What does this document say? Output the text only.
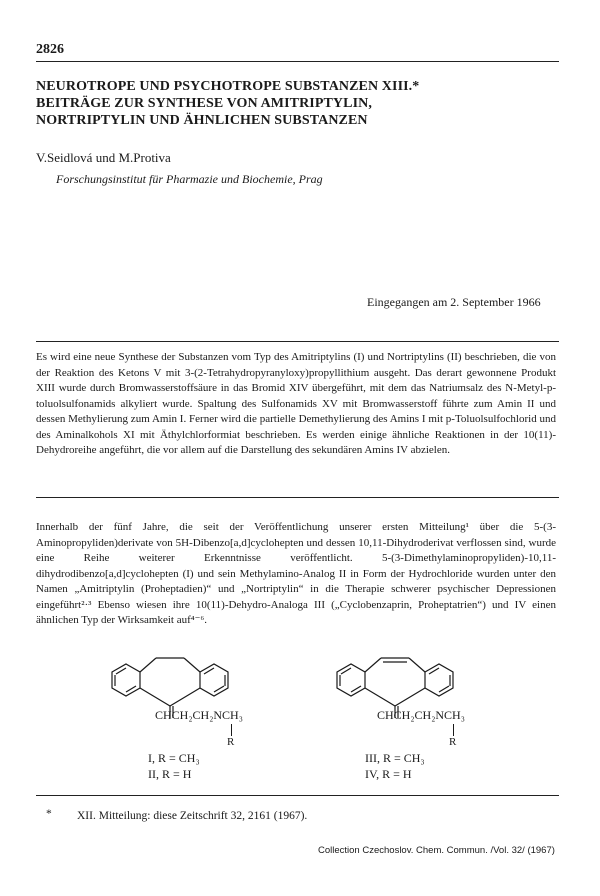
2826
NEUROTROPE UND PSYCHOTROPE SUBSTANZEN XIII.*
BEITRÄGE ZUR SYNTHESE VON AMITRIPTYLIN,
NORTRIPTYLIN UND ÄHNLICHEN SUBSTANZEN
V.Seidlová und M.Protiva
Forschungsinstitut für Pharmazie und Biochemie, Prag
Eingegangen am 2. September 1966
Es wird eine neue Synthese der Substanzen vom Typ des Amitriptylins (I) und Nortriptylins (II) beschrieben, die von der Reaktion des Ketons V mit 3-(2-Tetrahydropyranyloxy)propyllithium ausgeht. Das derart gewonnene Produkt XIII wurde durch Bromwasserstoffsäure in das Bromid XIV übergeführt, mit dem das Natriumsalz des N-Metyl-p-toluolsulfonamids alkyliert wurde. Spaltung des Sulfonamids XV mit Bromwasserstoff führte zum Amin II und dessen Methylierung zum Amin I. Ferner wird die partielle Demethylierung des Amins I mit p-Toluolsulfochlorid und des Aminalkohols XI mit Äthylchlorformiat beschrieben. Es werden einige ähnliche Reaktionen in der 10(11)-Dehydroreihe angeführt, die vor allem auf die Darstellung des sekundären Amins IV abzielen.
Innerhalb der fünf Jahre, die seit der Veröffentlichung unserer ersten Mitteilung¹ über die 5-(3-Aminopropyliden)derivate von 5H-Dibenzo[a,d]cyclohepten und dessen 10,11-Dihydroderivat verflossen sind, wurde eine Reihe weiterer Erkenntnisse veröffentlicht. 5-(3-Dimethylaminopropyliden)-10,11-dihydrodibenzo[a,d]cyclohepten (I) und sein Methylamino-Analog II in Form der Hydrochloride wurden unter den Namen „Amitriptylin (Proheptadien)“ und „Nortriptylin“ in die Therapie schwerer psychischer Depressionen eingeführt²·³ Ebenso wiesen ihre 10(11)-Dehydro-Analoga III („Cyclobenzaprin, Proheptatrien“) und IV einen ähnlichen Typ der Wirksamkeit auf⁴⁻⁶.
CHCH₂CH₂NCH₃
R
I, R = CH₃
II, R = H
CHCH₂CH₂NCH₃
R
III, R = CH₃
IV, R = H
* XII. Mitteilung: diese Zeitschrift 32, 2161 (1967).
Collection Czechoslov. Chem. Commun. /Vol. 32/ (1967)
